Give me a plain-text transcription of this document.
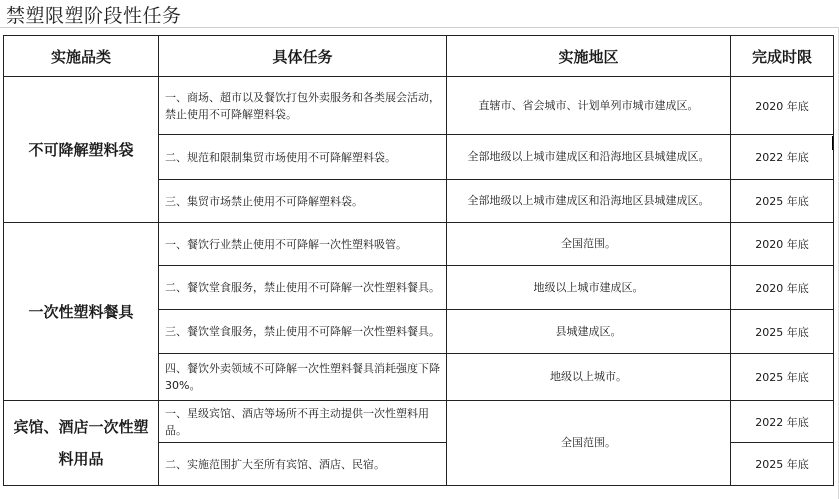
禁塑限塑阶段性任务
实施品类	具体任务	实施地区	完成时限
不可降解塑料袋	一、商场、超市以及餐饮打包外卖服务和各类展会活动，禁止使用不可降解塑料袋。	直辖市、省会城市、计划单列市城市建成区。	2020 年底
	二、规范和限制集贸市场使用不可降解塑料袋。	全部地级以上城市建成区和沿海地区县城建成区。	2022 年底
	三、集贸市场禁止使用不可降解塑料袋。	全部地级以上城市建成区和沿海地区县城建成区。	2025 年底
一次性塑料餐具	一、餐饮行业禁止使用不可降解一次性塑料吸管。	全国范围。	2020 年底
	二、餐饮堂食服务，禁止使用不可降解一次性塑料餐具。	地级以上城市建成区。	2020 年底
	三、餐饮堂食服务，禁止使用不可降解一次性塑料餐具。	县城建成区。	2025 年底
	四、餐饮外卖领域不可降解一次性塑料餐具消耗强度下降 30%。	地级以上城市。	2025 年底
宾馆、酒店一次性塑料用品	一、星级宾馆、酒店等场所不再主动提供一次性塑料用品。	全国范围。	2022 年底
	二、实施范围扩大至所有宾馆、酒店、民宿。		2025 年底
